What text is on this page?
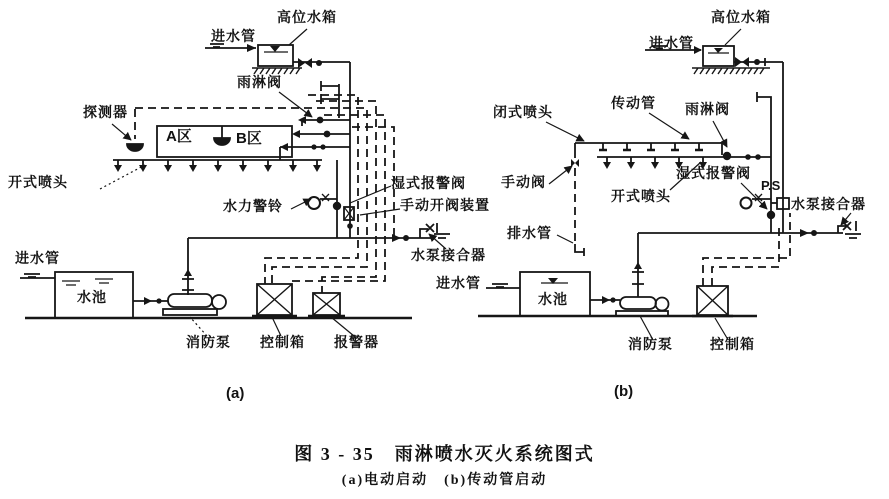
高位水箱
进水管
雨淋阀
探测器
A区	B区
开式喷头
水力警铃
湿式报警阀
手动开阀装置
水泵接合器
进水管
水池
消防泵 控制箱 报警器
(a)
高位水箱
进水管
闭式喷头
传动管 雨淋阀
手动阀
湿式报警阀
开式喷头
P.S
水泵接合器
排水管
进水管
水池
消防泵	控制箱
(b)
图 3 - 35　雨淋喷水灭火系统图式
(a)电动启动　(b)传动管启动
